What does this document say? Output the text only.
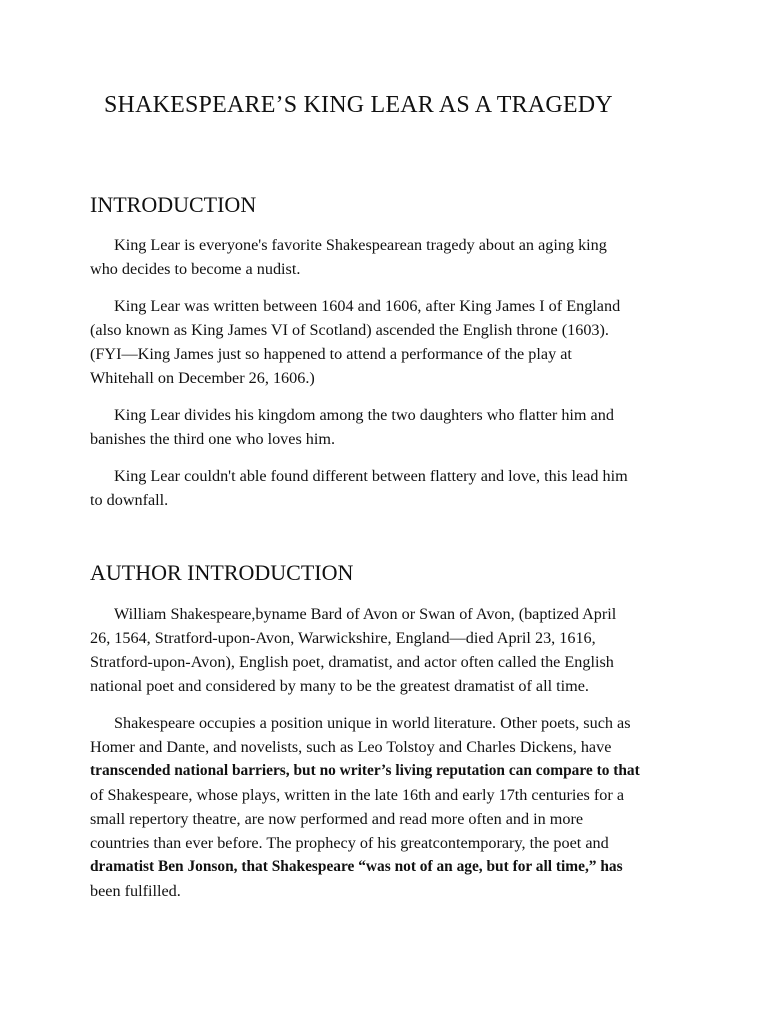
SHAKESPEARE’S KING LEAR AS A TRAGEDY
INTRODUCTION
King Lear is everyone's favorite Shakespearean tragedy about an aging king
who decides to become a nudist.
King Lear was written between 1604 and 1606, after King James I of England
(also known as King James VI of Scotland) ascended the English throne (1603).
(FYI—King James just so happened to attend a performance of the play at
Whitehall on December 26, 1606.)
King Lear divides his kingdom among the two daughters who flatter him and
banishes the third one who loves him.
King Lear couldn't able found different between flattery and love, this lead him
to downfall.
AUTHOR INTRODUCTION
William Shakespeare,byname Bard of Avon or Swan of Avon, (baptized April
26, 1564, Stratford-upon-Avon, Warwickshire, England—died April 23, 1616,
Stratford-upon-Avon), English poet, dramatist, and actor often called the English
national poet and considered by many to be the greatest dramatist of all time.
Shakespeare occupies a position unique in world literature. Other poets, such as
Homer and Dante, and novelists, such as Leo Tolstoy and Charles Dickens, have
transcended national barriers, but no writer’s living reputation can compare to that
of Shakespeare, whose plays, written in the late 16th and early 17th centuries for a
small repertory theatre, are now performed and read more often and in more
countries than ever before. The prophecy of his greatcontemporary, the poet and
dramatist Ben Jonson, that Shakespeare “was not of an age, but for all time,” has
been fulfilled.
